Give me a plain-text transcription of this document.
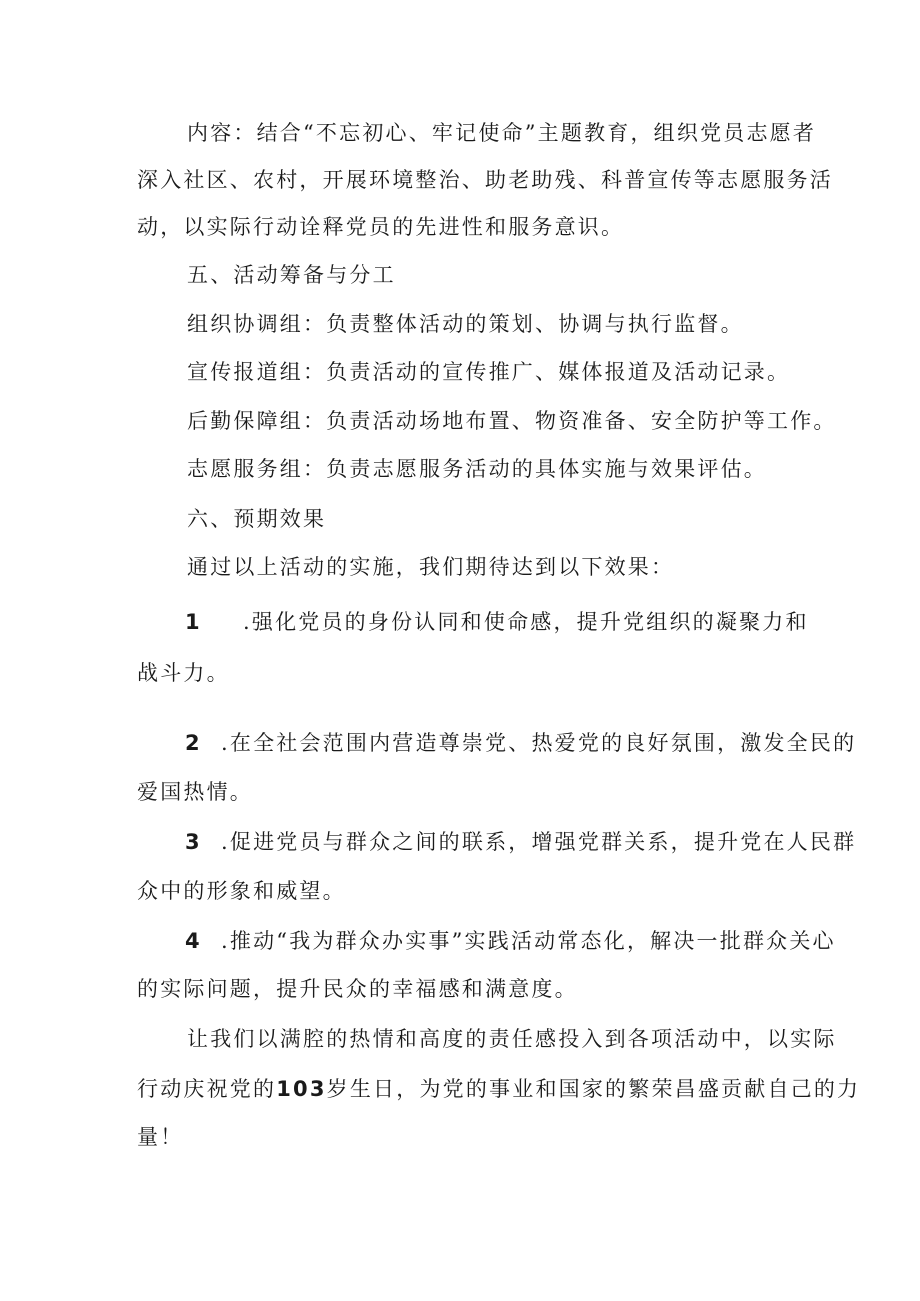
内容：结合“不忘初心、牢记使命”主题教育，组织党员志愿者
深入社区、农村，开展环境整治、助老助残、科普宣传等志愿服务活
动，以实际行动诠释党员的先进性和服务意识。
五、活动筹备与分工
组织协调组：负责整体活动的策划、协调与执行监督。
宣传报道组：负责活动的宣传推广、媒体报道及活动记录。
后勤保障组：负责活动场地布置、物资准备、安全防护等工作。
志愿服务组：负责志愿服务活动的具体实施与效果评估。
六、预期效果
通过以上活动的实施，我们期待达到以下效果：
1 .强化党员的身份认同和使命感，提升党组织的凝聚力和
战斗力。
2 .在全社会范围内营造尊崇党、热爱党的良好氛围，激发全民的
爱国热情。
3 .促进党员与群众之间的联系，增强党群关系，提升党在人民群
众中的形象和威望。
4 .推动“我为群众办实事”实践活动常态化，解决一批群众关心
的实际问题，提升民众的幸福感和满意度。
让我们以满腔的热情和高度的责任感投入到各项活动中，以实际
行动庆祝党的103岁生日，为党的事业和国家的繁荣昌盛贡献自己的力
量！
